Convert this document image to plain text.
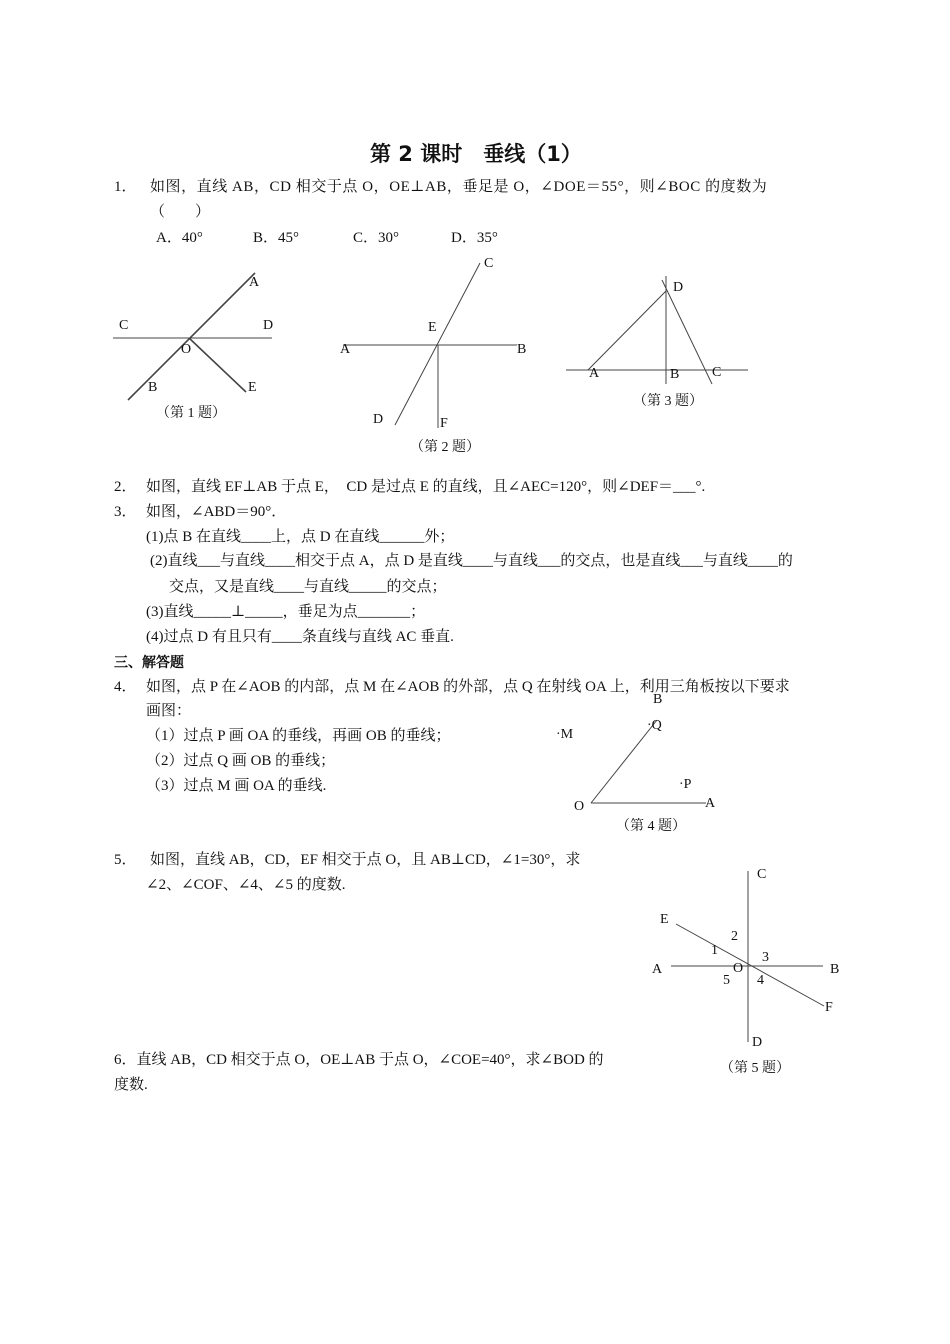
第 2 课时　垂线（1）
1． 如图，直线 AB，CD 相交于点 O，OE⊥AB，垂足是 O，∠DOE＝55°，则∠BOC 的度数为
（　　）
A．40°	B．45°	C．30°	D．35°
A
C	D
O
B	E
（第 1 题）
C
E
A	B
D	F
（第 2 题）
D
A	B C
（第 3 题）
2． 如图，直线 EF⊥AB 于点 E，　CD 是过点 E 的直线，且∠AEC=120°，则∠DEF＝___°.
3． 如图，∠ABD＝90°．
(1)点 B 在直线____上，点 D 在直线______外；
(2)直线___与直线____相交于点 A，点 D 是直线____与直线___的交点，也是直线___与直线____的
交点，又是直线____与直线_____的交点；
(3)直线_____⊥_____，垂足为点_______；
(4)过点 D 有且只有____条直线与直线 AC 垂直.
三、解答题
4． 如图，点 P 在∠AOB 的内部，点 M 在∠AOB 的外部，点 Q 在射线 OA 上，利用三角板按以下要求
画图：
（1）过点 P 画 OA 的垂线，再画 OB 的垂线；
（2）过点 Q 画 OB 的垂线；
（3）过点 M 画 OA 的垂线.
B
·Q
·M
·P
O	A
（第 4 题）
5． 如图，直线 AB，CD，EF 相交于点 O，且 AB⊥CD，∠1=30°，求
∠2、∠COF、∠4、∠5 的度数.
C
E
2
1	3
A	O	B
5 4
F
D
（第 5 题）
6．直线 AB，CD 相交于点 O，OE⊥AB 于点 O，∠COE=40°，求∠BOD 的
度数.
